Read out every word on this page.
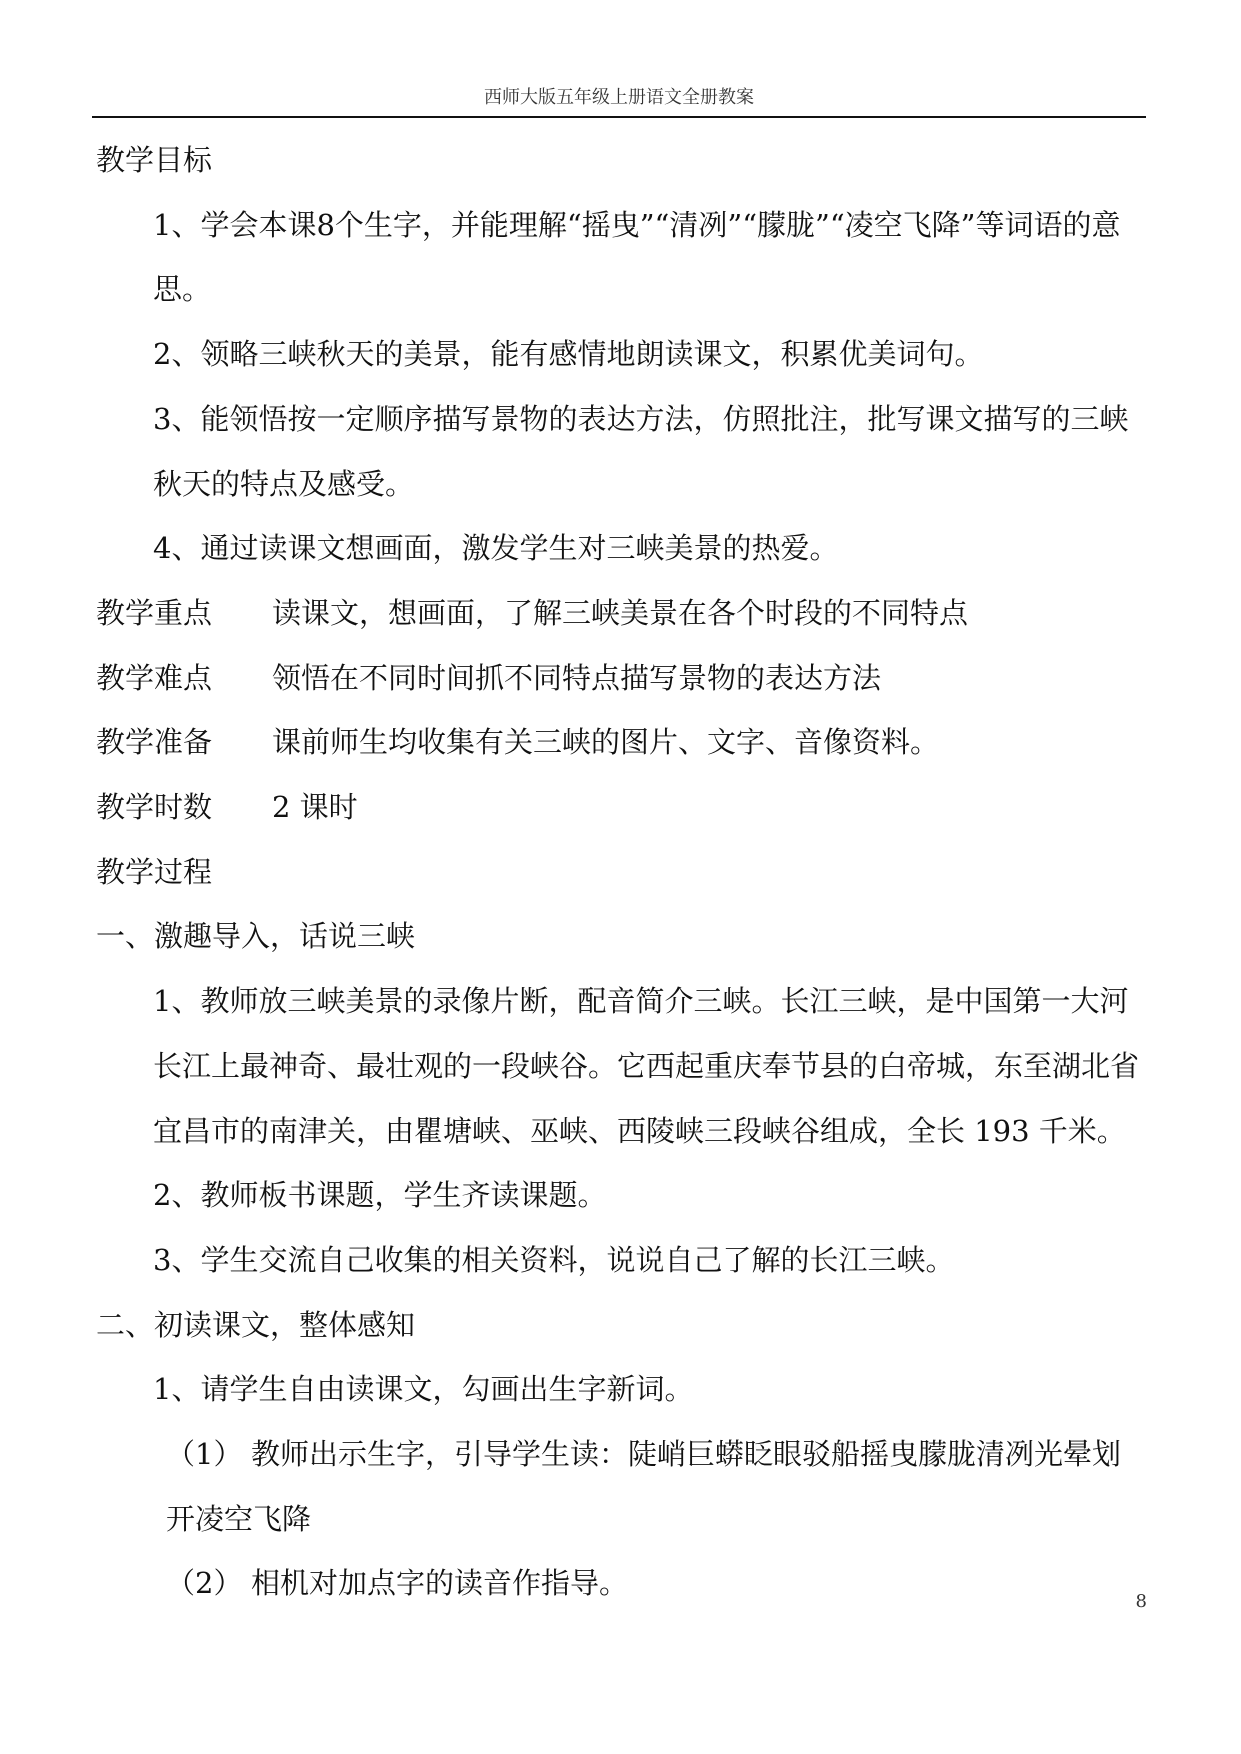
西师大版五年级上册语文全册教案

教学目标

1、学会本课8个生字，并能理解“摇曳”“清冽”“朦胧”“凌空飞降”等词语的意思。

2、领略三峡秋天的美景，能有感情地朗读课文，积累优美词句。

3、能领悟按一定顺序描写景物的表达方法，仿照批注，批写课文描写的三峡秋天的特点及感受。

4、通过读课文想画面，激发学生对三峡美景的热爱。

教学重点	读课文，想画面，了解三峡美景在各个时段的不同特点
教学难点	领悟在不同时间抓不同特点描写景物的表达方法
教学准备	课前师生均收集有关三峡的图片、文字、音像资料。
教学时数	2 课时

教学过程

一、激趣导入，话说三峡

1、教师放三峡美景的录像片断，配音简介三峡。长江三峡，是中国第一大河长江上最神奇、最壮观的一段峡谷。它西起重庆奉节县的白帝城，东至湖北省宜昌市的南津关，由瞿塘峡、巫峡、西陵峡三段峡谷组成，全长 193 千米。

2、教师板书课题，学生齐读课题。

3、学生交流自己收集的相关资料，说说自己了解的长江三峡。

二、初读课文，整体感知

1、请学生自由读课文，勾画出生字新词。

（1） 教师出示生字，引导学生读：陡峭巨蟒眨眼驳船摇曳朦胧清冽光晕划开凌空飞降

（2） 相机对加点字的读音作指导。

8
